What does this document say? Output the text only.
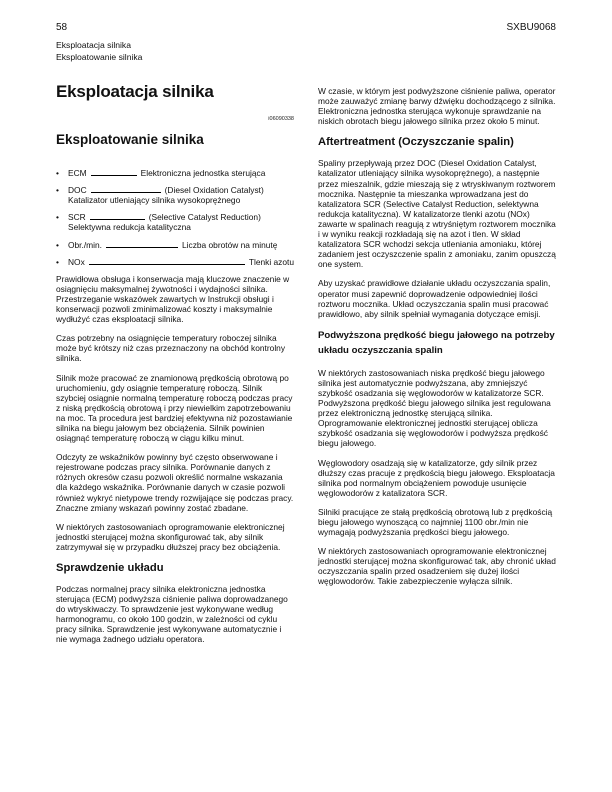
58	SXBU9068
Eksploatacja silnika
Eksploatowanie silnika
Eksploatacja silnika
i06090338
Eksploatowanie silnika
• ECM	Elektroniczna jednostka sterująca
• DOC	(Diesel Oxidation Catalyst)
Katalizator utleniający silnika wysokoprężnego
• SCR	(Selective Catalyst Reduction)
Selektywna redukcja katalityczna
• Obr./min.	Liczba obrotów na minutę
• NOx	Tlenki azotu

Prawidłowa obsługa i konserwacja mają kluczowe znaczenie w osiągnięciu maksymalnej żywotności i wydajności silnika. Przestrzeganie wskazówek zawartych w Instrukcji obsługi i konserwacji pozwoli zminimalizować koszty i maksymalnie wydłużyć czas eksploatacji silnika.

Czas potrzebny na osiągnięcie temperatury roboczej silnika może być krótszy niż czas przeznaczony na obchód kontrolny silnika.

Silnik może pracować ze znamionową prędkością obrotową po uruchomieniu, gdy osiągnie temperaturę roboczą. Silnik szybciej osiągnie normalną temperaturę roboczą podczas pracy z niską prędkością obrotową i przy niewielkim zapotrzebowaniu na moc. Ta procedura jest bardziej efektywna niż pozostawianie silnika na biegu jałowym bez obciążenia. Silnik powinien osiągnąć temperaturę roboczą w ciągu kilku minut.

Odczyty ze wskaźników powinny być często obserwowane i rejestrowane podczas pracy silnika. Porównanie danych z różnych okresów czasu pozwoli określić normalne wskazania dla każdego wskaźnika. Porównanie danych w czasie pozwoli również wykryć nietypowe trendy rozwijające się podczas pracy. Znaczne zmiany wskazań powinny zostać zbadane.

W niektórych zastosowaniach oprogramowanie elektronicznej jednostki sterującej można skonfigurować tak, aby silnik zatrzymywał się w przypadku dłuższej pracy bez obciążenia.

Sprawdzenie układu

Podczas normalnej pracy silnika elektroniczna jednostka sterująca (ECM) podwyższa ciśnienie paliwa doprowadzanego do wtryskiwaczy. To sprawdzenie jest wykonywane według harmonogramu, co około 100 godzin, w zależności od cyklu pracy silnika. Sprawdzenie jest wykonywane automatycznie i nie wymaga żadnego udziału operatora.

W czasie, w którym jest podwyższone ciśnienie paliwa, operator może zauważyć zmianę barwy dźwięku dochodzącego z silnika. Elektroniczna jednostka sterująca wykonuje sprawdzanie na niskich obrotach biegu jałowego silnika przez około 5 minut.

Aftertreatment (Oczyszczanie spalin)

Spaliny przepływają przez DOC (Diesel Oxidation Catalyst, katalizator utleniający silnika wysokoprężnego), a następnie przez mieszalnik, gdzie mieszają się z wtryskiwanym roztworem mocznika. Następnie ta mieszanka wprowadzana jest do katalizatora SCR (Selective Catalyst Reduction, selektywna redukcja katalityczna). W katalizatorze tlenki azotu (NOx) zawarte w spalinach reagują z wtryśniętym roztworem mocznika i w wyniku reakcji rozkładają się na azot i tlen. W skład katalizatora SCR wchodzi sekcja utleniania amoniaku, której zadaniem jest oczyszczenie spalin z amoniaku, zanim opuszczą one system.

Aby uzyskać prawidłowe działanie układu oczyszczania spalin, operator musi zapewnić doprowadzenie odpowiedniej ilości roztworu mocznika. Układ oczyszczania spalin musi pracować prawidłowo, aby silnik spełniał wymagania dotyczące emisji.

Podwyższona prędkość biegu jałowego na potrzeby układu oczyszczania spalin

W niektórych zastosowaniach niska prędkość biegu jałowego silnika jest automatycznie podwyższana, aby zmniejszyć szybkość osadzania się węglowodorów w katalizatorze SCR. Podwyższona prędkość biegu jałowego silnika jest regulowana przez elektroniczną jednostkę sterującą silnika. Oprogramowanie elektronicznej jednostki sterującej oblicza szybkość osadzania się węglowodorów i podwyższa prędkość biegu jałowego.

Węglowodory osadzają się w katalizatorze, gdy silnik przez dłuższy czas pracuje z prędkością biegu jałowego. Eksploatacja silnika pod normalnym obciążeniem powoduje usunięcie węglowodorów z katalizatora SCR.

Silniki pracujące ze stałą prędkością obrotową lub z prędkością biegu jałowego wynoszącą co najmniej 1100 obr./min nie wymagają podwyższania prędkości biegu jałowego.

W niektórych zastosowaniach oprogramowanie elektronicznej jednostki sterującej można skonfigurować tak, aby chronić układ oczyszczania spalin przed osadzeniem się dużej ilości węglowodorów. Takie zabezpieczenie wyłącza silnik.
